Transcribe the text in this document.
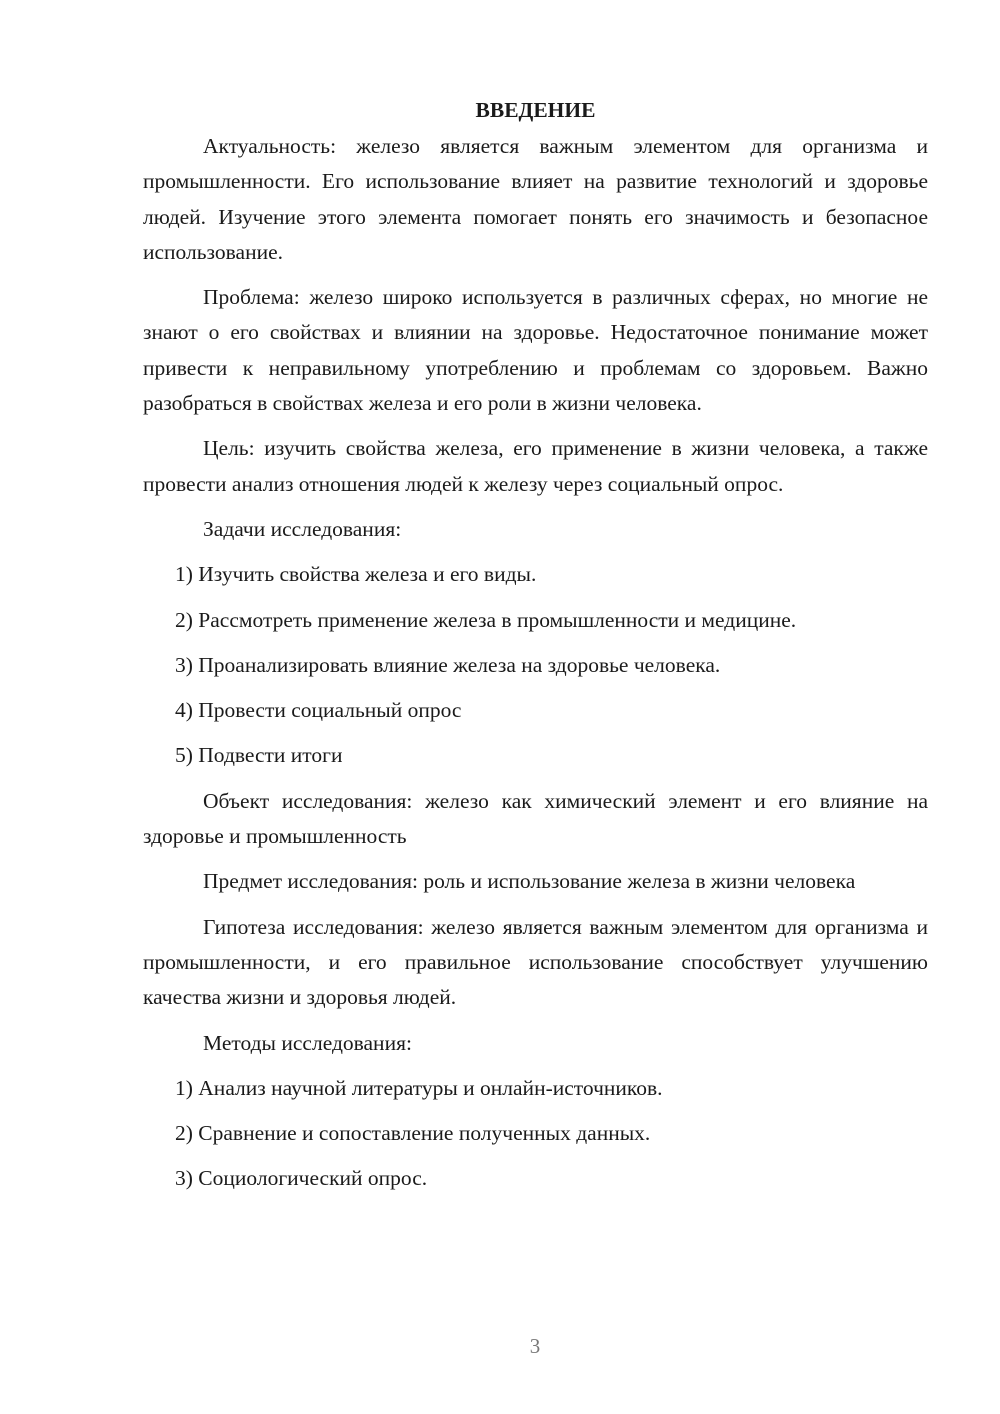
ВВЕДЕНИЕ

Актуальность: железо является важным элементом для организма и промышленности. Его использование влияет на развитие технологий и здоровье людей. Изучение этого элемента помогает понять его значимость и безопасное использование.

Проблема: железо широко используется в различных сферах, но многие не знают о его свойствах и влиянии на здоровье. Недостаточное понимание может привести к неправильному употреблению и проблемам со здоровьем. Важно разобраться в свойствах железа и его роли в жизни человека.

Цель: изучить свойства железа, его применение в жизни человека, а также провести анализ отношения людей к железу через социальный опрос.

Задачи исследования:

1) Изучить свойства железа и его виды.

2) Рассмотреть применение железа в промышленности и медицине.

3) Проанализировать влияние железа на здоровье человека.

4) Провести социальный опрос

5) Подвести итоги

Объект исследования: железо как химический элемент и его влияние на здоровье и промышленность

Предмет исследования: роль и использование железа в жизни человека

Гипотеза исследования: железо является важным элементом для организма и промышленности, и его правильное использование способствует улучшению качества жизни и здоровья людей.

Методы исследования:

1) Анализ научной литературы и онлайн-источников.

2) Сравнение и сопоставление полученных данных.

3) Социологический опрос.

3
